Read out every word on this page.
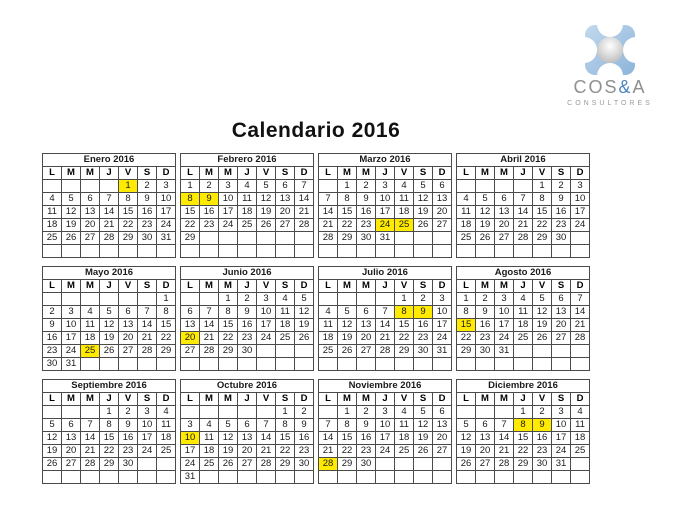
COS&A
CONSULTORES
Calendario 2016
Enero 2016						
L	M	M	J	V	S	D
				1	2	3
4	5	6	7	8	9	10
11	12	13	14	15	16	17
18	19	20	21	22	23	24
25	26	27	28	29	30	31

Febrero 2016						
L	M	M	J	V	S	D
1	2	3	4	5	6	7
8	9	10	11	12	13	14
15	16	17	18	19	20	21
22	23	24	25	26	27	28
29						

Marzo 2016						
L	M	M	J	V	S	D
	1	2	3	4	5	6
7	8	9	10	11	12	13
14	15	16	17	18	19	20
21	22	23	24	25	26	27
28	29	30	31			

Abril 2016						
L	M	M	J	V	S	D
				1	2	3
4	5	6	7	8	9	10
11	12	13	14	15	16	17
18	19	20	21	22	23	24
25	26	27	28	29	30	

Mayo 2016						
L	M	M	J	V	S	D
						1
2	3	4	5	6	7	8
9	10	11	12	13	14	15
16	17	18	19	20	21	22
23	24	25	26	27	28	29
30	31					
Junio 2016						
L	M	M	J	V	S	D
		1	2	3	4	5
6	7	8	9	10	11	12
13	14	15	16	17	18	19
20	21	22	23	24	25	26
27	28	29	30			

Julio 2016						
L	M	M	J	V	S	D
				1	2	3
4	5	6	7	8	9	10
11	12	13	14	15	16	17
18	19	20	21	22	23	24
25	26	27	28	29	30	31

Agosto 2016						
L	M	M	J	V	S	D
1	2	3	4	5	6	7
8	9	10	11	12	13	14
15	16	17	18	19	20	21
22	23	24	25	26	27	28
29	30	31				

Septiembre 2016						
L	M	M	J	V	S	D
			1	2	3	4
5	6	7	8	9	10	11
12	13	14	15	16	17	18
19	20	21	22	23	24	25
26	27	28	29	30		

Octubre 2016						
L	M	M	J	V	S	D
					1	2
3	4	5	6	7	8	9
10	11	12	13	14	15	16
17	18	19	20	21	22	23
24	25	26	27	28	29	30
31						
Noviembre 2016						
L	M	M	J	V	S	D
	1	2	3	4	5	6
7	8	9	10	11	12	13
14	15	16	17	18	19	20
21	22	23	24	25	26	27
28	29	30				

Diciembre 2016						
L	M	M	J	V	S	D
			1	2	3	4
5	6	7	8	9	10	11
12	13	14	15	16	17	18
19	20	21	22	23	24	25
26	27	28	29	30	31	
